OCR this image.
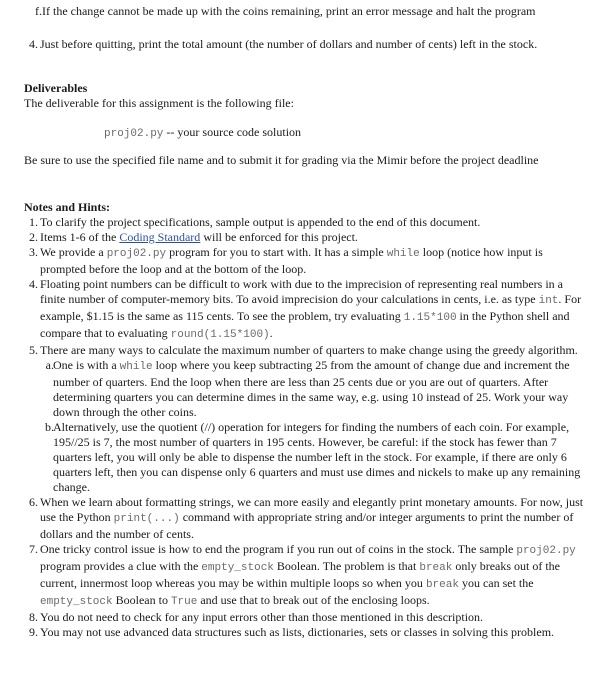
f. If the change cannot be made up with the coins remaining, print an error message and halt the program

4. Just before quitting, print the total amount (the number of dollars and number of cents) left in the stock.

Deliverables

The deliverable for this assignment is the following file:

proj02.py -- your source code solution

Be sure to use the specified file name and to submit it for grading via the Mimir before the project deadline

Notes and Hints:

1. To clarify the project specifications, sample output is appended to the end of this document.

2. Items 1-6 of the Coding Standard will be enforced for this project.

3. We provide a proj02.py program for you to start with. It has a simple while loop (notice how input is prompted before the loop and at the bottom of the loop.

4. Floating point numbers can be difficult to work with due to the imprecision of representing real numbers in a finite number of computer-memory bits. To avoid imprecision do your calculations in cents, i.e. as type int. For example, $1.15 is the same as 115 cents. To see the problem, try evaluating 1.15*100 in the Python shell and compare that to evaluating round(1.15*100).

5. There are many ways to calculate the maximum number of quarters to make change using the greedy algorithm.

a. One is with a while loop where you keep subtracting 25 from the amount of change due and increment the number of quarters. End the loop when there are less than 25 cents due or you are out of quarters. After determining quarters you can determine dimes in the same way, e.g. using 10 instead of 25. Work your way down through the other coins.

b. Alternatively, use the quotient (//) operation for integers for finding the numbers of each coin. For example, 195//25 is 7, the most number of quarters in 195 cents. However, be careful: if the stock has fewer than 7 quarters left, you will only be able to dispense the number left in the stock. For example, if there are only 6 quarters left, then you can dispense only 6 quarters and must use dimes and nickels to make up any remaining change.

6. When we learn about formatting strings, we can more easily and elegantly print monetary amounts. For now, just use the Python print(...) command with appropriate string and/or integer arguments to print the number of dollars and the number of cents.

7. One tricky control issue is how to end the program if you run out of coins in the stock. The sample proj02.py program provides a clue with the empty_stock Boolean. The problem is that break only breaks out of the current, innermost loop whereas you may be within multiple loops so when you break you can set the empty_stock Boolean to True and use that to break out of the enclosing loops.

8. You do not need to check for any input errors other than those mentioned in this description.

9. You may not use advanced data structures such as lists, dictionaries, sets or classes in solving this problem.
